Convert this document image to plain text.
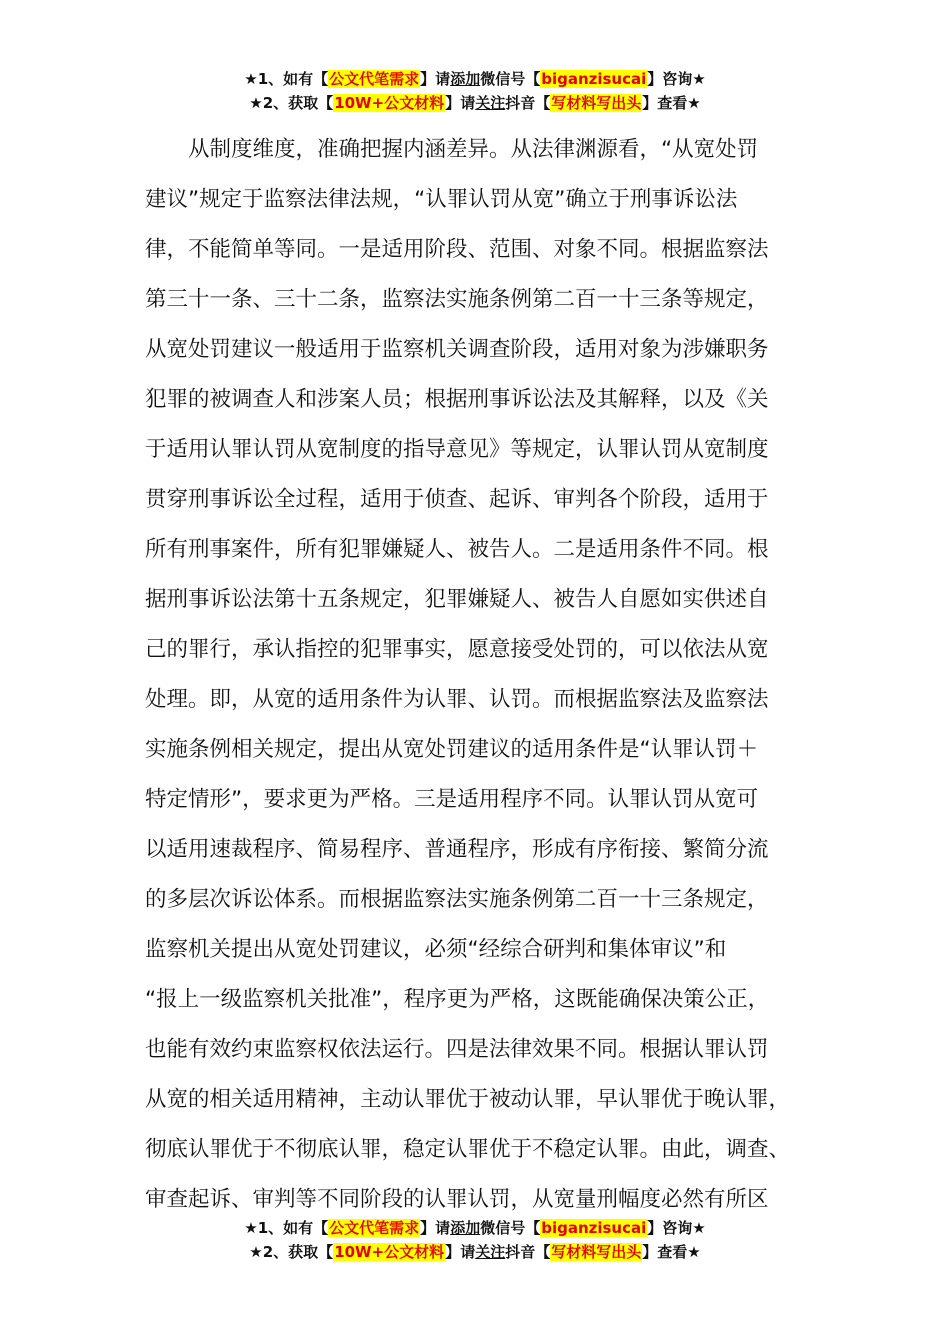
★1、如有【公文代笔需求】请添加微信号【biganzisucai】咨询★
★2、获取【10W+公文材料】请关注抖音【写材料写出头】查看★
　　从制度维度，准确把握内涵差异。从法律渊源看，“从宽处罚
建议”规定于监察法律法规，“认罪认罚从宽”确立于刑事诉讼法
律，不能简单等同。一是适用阶段、范围、对象不同。根据监察法
第三十一条、三十二条，监察法实施条例第二百一十三条等规定，
从宽处罚建议一般适用于监察机关调查阶段，适用对象为涉嫌职务
犯罪的被调查人和涉案人员；根据刑事诉讼法及其解释，以及《关
于适用认罪认罚从宽制度的指导意见》等规定，认罪认罚从宽制度
贯穿刑事诉讼全过程，适用于侦查、起诉、审判各个阶段，适用于
所有刑事案件，所有犯罪嫌疑人、被告人。二是适用条件不同。根
据刑事诉讼法第十五条规定，犯罪嫌疑人、被告人自愿如实供述自
己的罪行，承认指控的犯罪事实，愿意接受处罚的，可以依法从宽
处理。即，从宽的适用条件为认罪、认罚。而根据监察法及监察法
实施条例相关规定，提出从宽处罚建议的适用条件是“认罪认罚＋
特定情形”，要求更为严格。三是适用程序不同。认罪认罚从宽可
以适用速裁程序、简易程序、普通程序，形成有序衔接、繁简分流
的多层次诉讼体系。而根据监察法实施条例第二百一十三条规定，
监察机关提出从宽处罚建议，必须“经综合研判和集体审议”和
“报上一级监察机关批准”，程序更为严格，这既能确保决策公正，
也能有效约束监察权依法运行。四是法律效果不同。根据认罪认罚
从宽的相关适用精神，主动认罪优于被动认罪，早认罪优于晚认罪，
彻底认罪优于不彻底认罪，稳定认罪优于不稳定认罪。由此，调查、
审查起诉、审判等不同阶段的认罪认罚，从宽量刑幅度必然有所区
★1、如有【公文代笔需求】请添加微信号【biganzisucai】咨询★
★2、获取【10W+公文材料】请关注抖音【写材料写出头】查看★
